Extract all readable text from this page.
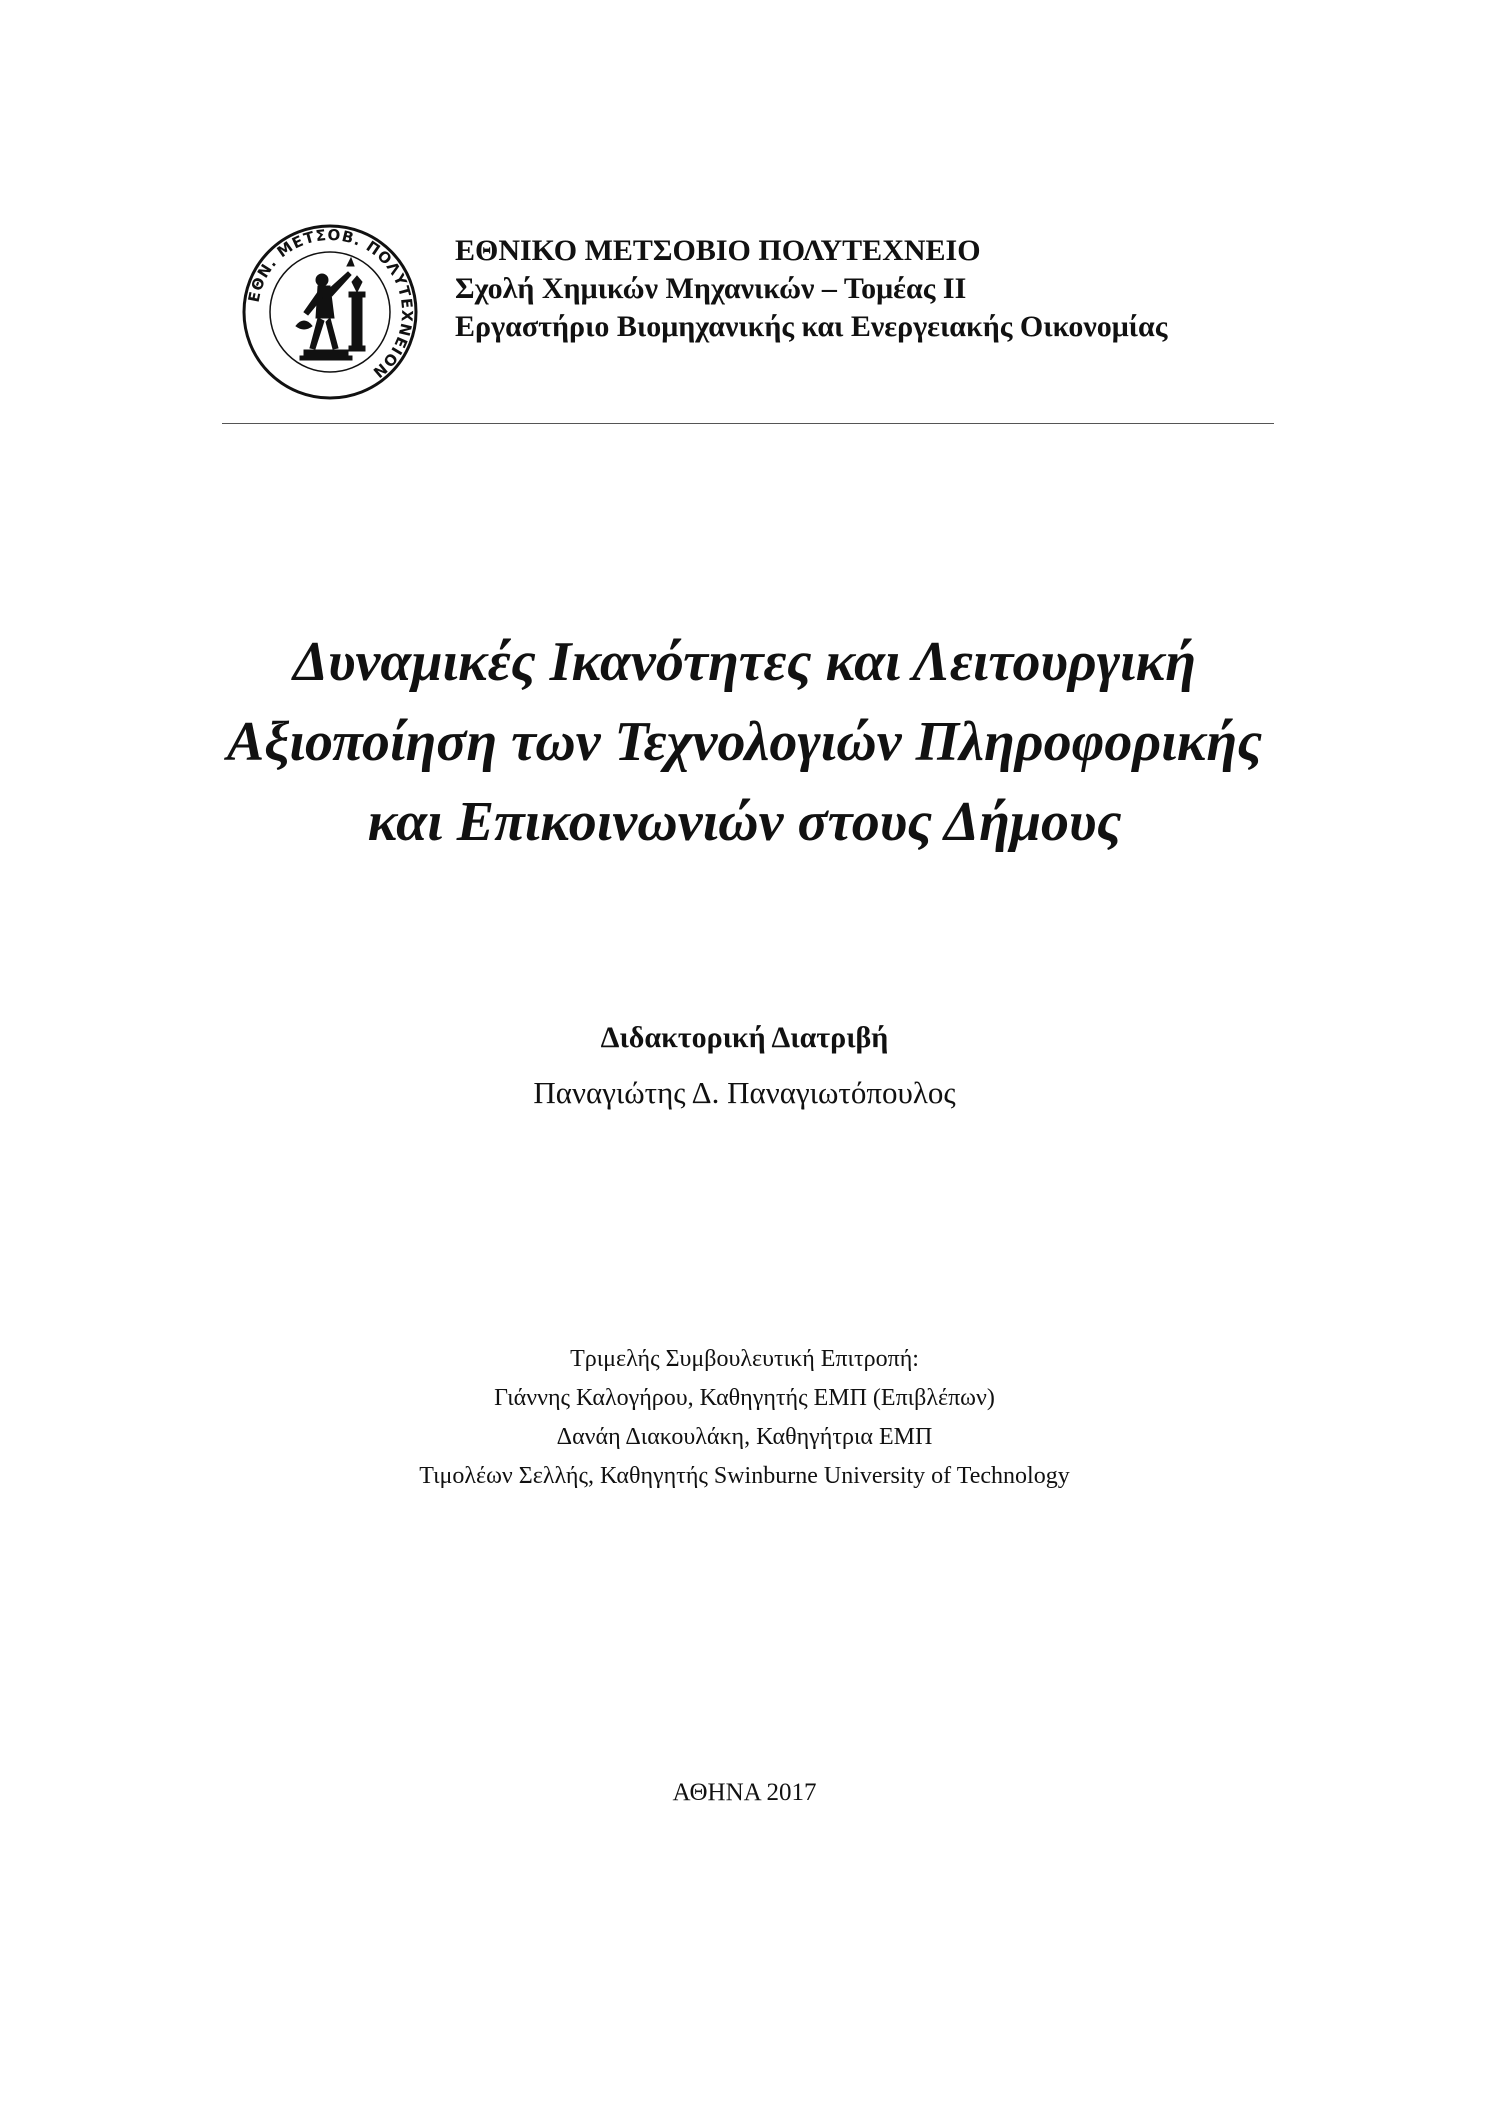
ΕΘΝ. ΜΕΤΣΟΒ. ΠΟΛΥΤΕΧΝΕΙΟΝ
ΕΘΝΙΚΟ ΜΕΤΣΟΒΙΟ ΠΟΛΥΤΕΧΝΕΙΟ
Σχολή Χημικών Μηχανικών – Τομέας ΙΙ
Εργαστήριο Βιομηχανικής και Ενεργειακής Οικονομίας
Δυναμικές Ικανότητες και Λειτουργική
Αξιοποίηση των Τεχνολογιών Πληροφορικής
και Επικοινωνιών στους Δήμους
Διδακτορική Διατριβή
Παναγιώτης Δ. Παναγιωτόπουλος
Τριμελής Συμβουλευτική Επιτροπή:
Γιάννης Καλογήρου, Καθηγητής ΕΜΠ (Επιβλέπων)
Δανάη Διακουλάκη, Καθηγήτρια ΕΜΠ
Τιμολέων Σελλής, Καθηγητής Swinburne University of Technology
ΑΘΗΝΑ 2017
